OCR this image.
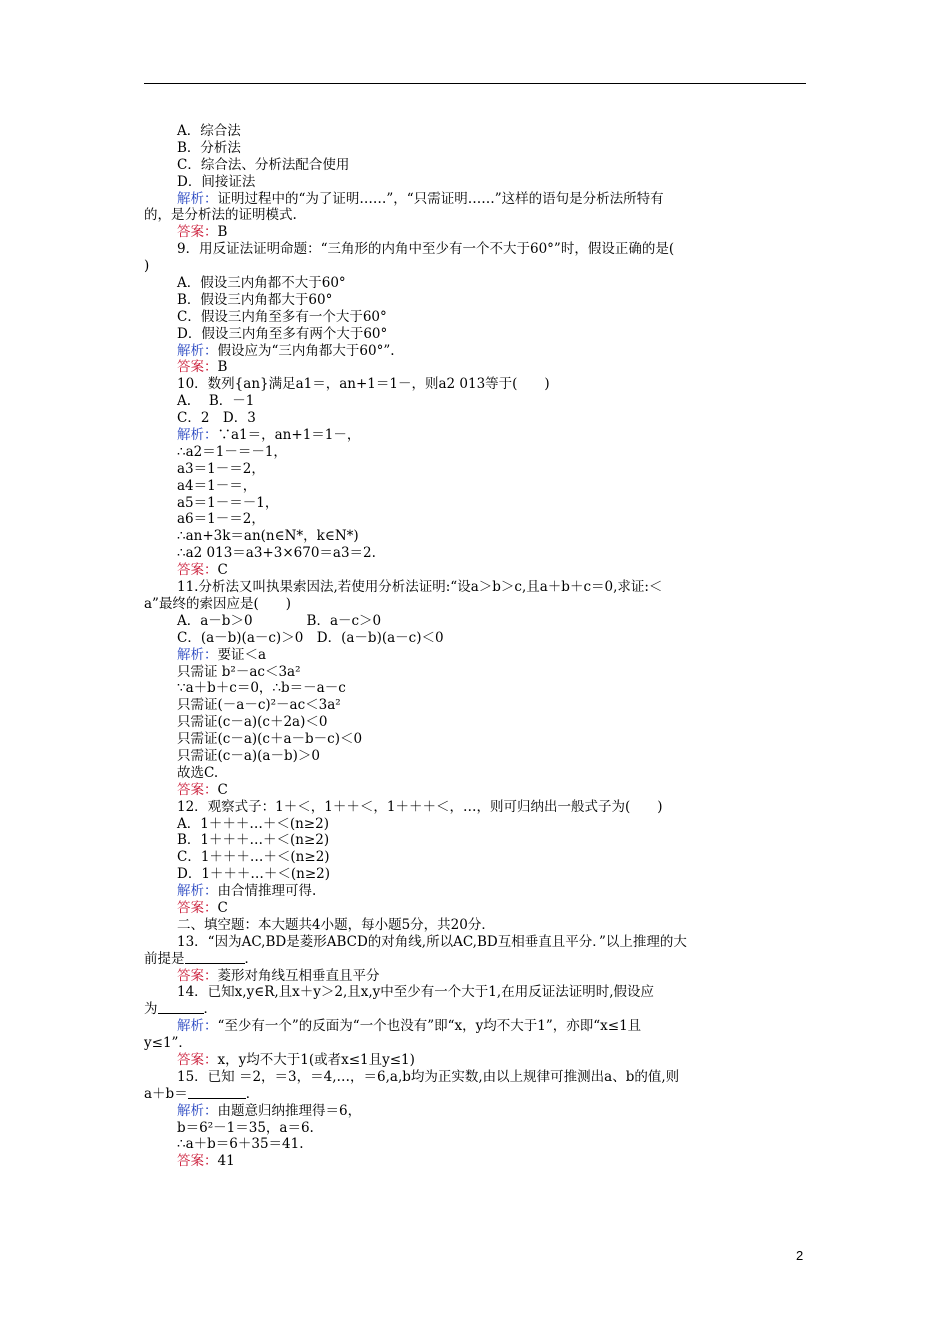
A．综合法
B．分析法
C．综合法、分析法配合使用
D．间接证法
解析：证明过程中的“为了证明……”，“只需证明……”这样的语句是分析法所特有
的，是分析法的证明模式.
答案：B
9．用反证法证明命题：“三角形的内角中至少有一个不大于60°”时，假设正确的是(
)
A．假设三内角都不大于60°
B．假设三内角都大于60°
C．假设三内角至多有一个大于60°
D．假设三内角至多有两个大于60°
解析：假设应为“三内角都大于60°”.
答案：B
10．数列{an}满足a1＝，an+1＝1－，则a2 013等于(　　)
A.　 B．－1
C．2　D．3
解析：∵a1＝，an+1＝1－，
∴a2＝1－＝－1，
a3＝1－＝2，
a4＝1－＝，
a5＝1－＝－1，
a6＝1－＝2，
∴an+3k＝an(n∈N*，k∈N*)
∴a2 013＝a3+3×670＝a3＝2.
答案：C
11.分析法又叫执果索因法,若使用分析法证明:“设a＞b＞c,且a＋b＋c＝0,求证:＜
a”最终的索因应是(　　)
A．a－b＞0　　　　B．a－c＞0
C．(a－b)(a－c)＞0　D．(a－b)(a－c)＜0
解析：要证＜a
只需证 b²－ac＜3a²
∵a＋b＋c＝0，∴b＝－a－c
只需证(－a－c)²－ac＜3a²
只需证(c－a)(c＋2a)＜0
只需证(c－a)(c＋a－b－c)＜0
只需证(c－a)(a－b)＞0
故选C.
答案：C
12．观察式子：1＋＜，1＋＋＜，1＋＋＋＜，…，则可归纳出一般式子为(　　)
A．1＋＋＋…＋＜(n≥2)
B．1＋＋＋…＋＜(n≥2)
C．1＋＋＋…＋＜(n≥2)
D．1＋＋＋…＋＜(n≥2)
解析：由合情推理可得.
答案：C
二、填空题：本大题共4小题，每小题5分，共20分．
13．“因为AC,BD是菱形ABCD的对角线,所以AC,BD互相垂直且平分．”以上推理的大
前提是	．
答案：菱形对角线互相垂直且平分
14．已知x,y∈R,且x＋y＞2,且x,y中至少有一个大于1,在用反证法证明时,假设应
为	．
解析：“至少有一个”的反面为“一个也没有”即“x，y均不大于1”，亦即“x≤1且
y≤1”．
答案：x，y均不大于1(或者x≤1且y≤1)
15．已知 ＝2，＝3，＝4,…，＝6,a,b均为正实数,由以上规律可推测出a、b的值,则
a＋b＝	．
解析：由题意归纳推理得＝6，
b＝6²－1＝35，a＝6.
∴a＋b＝6＋35＝41.
答案：41
2
